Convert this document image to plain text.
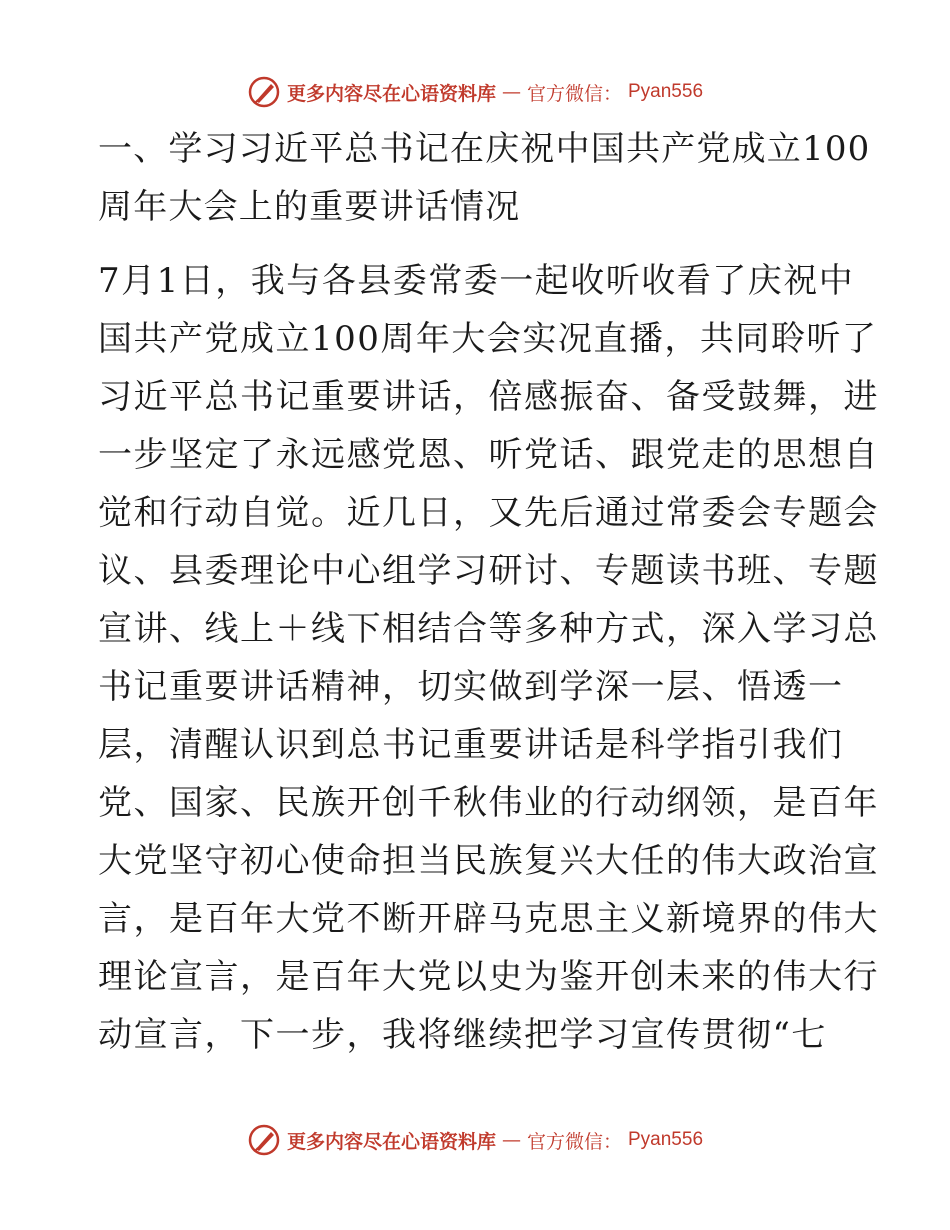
更多内容尽在心语资料库 — 官方微信： Pyan556
一、学习习近平总书记在庆祝中国共产党成立100
周年大会上的重要讲话情况
7月1日，我与各县委常委一起收听收看了庆祝中
国共产党成立100周年大会实况直播，共同聆听了
习近平总书记重要讲话，倍感振奋、备受鼓舞，进
一步坚定了永远感党恩、听党话、跟党走的思想自
觉和行动自觉。近几日，又先后通过常委会专题会
议、县委理论中心组学习研讨、专题读书班、专题
宣讲、线上＋线下相结合等多种方式，深入学习总
书记重要讲话精神，切实做到学深一层、悟透一
层，清醒认识到总书记重要讲话是科学指引我们
党、国家、民族开创千秋伟业的行动纲领，是百年
大党坚守初心使命担当民族复兴大任的伟大政治宣
言，是百年大党不断开辟马克思主义新境界的伟大
理论宣言，是百年大党以史为鉴开创未来的伟大行
动宣言，下一步，我将继续把学习宣传贯彻“七
更多内容尽在心语资料库 — 官方微信： Pyan556
